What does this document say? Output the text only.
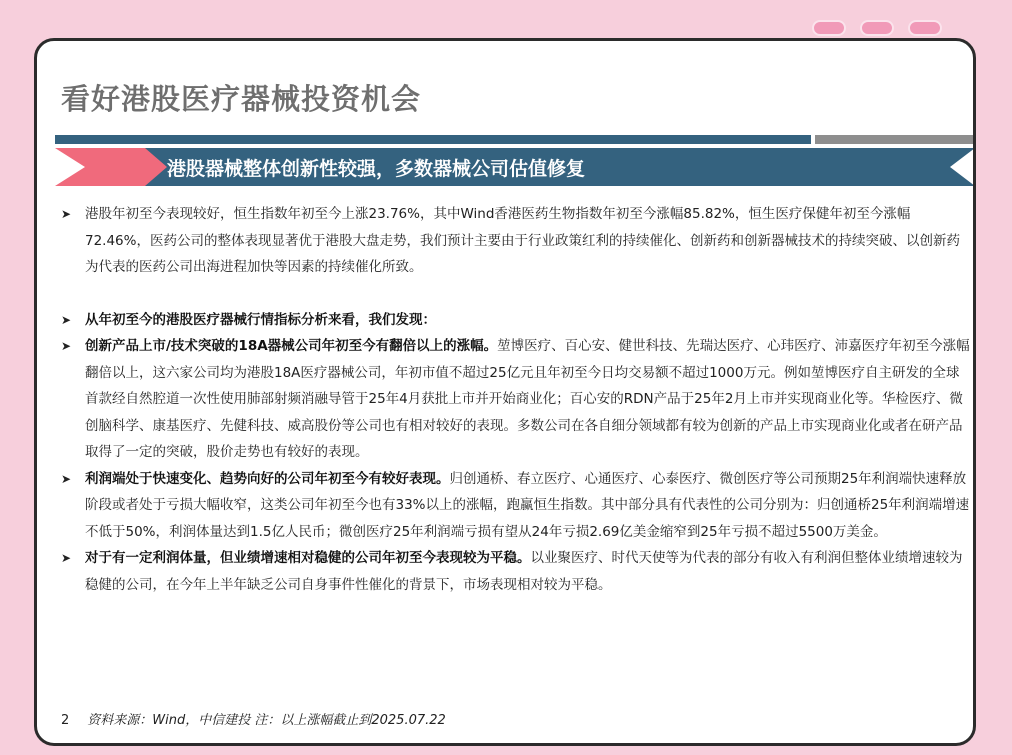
看好港股医疗器械投资机会
港股器械整体创新性较强，多数器械公司估值修复
➤	港股年初至今表现较好，恒生指数年初至今上涨23.76%，其中Wind香港医药生物指数年初至今涨幅85.82%，恒生医疗保健年初至今涨幅72.46%，医药公司的整体表现显著优于港股大盘走势，我们预计主要由于行业政策红利的持续催化、创新药和创新器械技术的持续突破、以创新药为代表的医药公司出海进程加快等因素的持续催化所致。
➤	从年初至今的港股医疗器械行情指标分析来看，我们发现：
➤	创新产品上市/技术突破的18A器械公司年初至今有翻倍以上的涨幅。堃博医疗、百心安、健世科技、先瑞达医疗、心玮医疗、沛嘉医疗年初至今涨幅翻倍以上，这六家公司均为港股18A医疗器械公司，年初市值不超过25亿元且年初至今日均交易额不超过1000万元。例如堃博医疗自主研发的全球首款经自然腔道一次性使用肺部射频消融导管于25年4月获批上市并开始商业化；百心安的RDN产品于25年2月上市并实现商业化等。华检医疗、微创脑科学、康基医疗、先健科技、威高股份等公司也有相对较好的表现。多数公司在各自细分领域都有较为创新的产品上市实现商业化或者在研产品取得了一定的突破，股价走势也有较好的表现。
➤	利润端处于快速变化、趋势向好的公司年初至今有较好表现。归创通桥、春立医疗、心通医疗、心泰医疗、微创医疗等公司预期25年利润端快速释放阶段或者处于亏损大幅收窄，这类公司年初至今也有33%以上的涨幅，跑赢恒生指数。其中部分具有代表性的公司分别为：归创通桥25年利润端增速不低于50%，利润体量达到1.5亿人民币；微创医疗25年利润端亏损有望从24年亏损2.69亿美金缩窄到25年亏损不超过5500万美金。
➤	对于有一定利润体量，但业绩增速相对稳健的公司年初至今表现较为平稳。以业聚医疗、时代天使等为代表的部分有收入有利润但整体业绩增速较为稳健的公司，在今年上半年缺乏公司自身事件性催化的背景下，市场表现相对较为平稳。
2 资料来源：Wind，中信建投 注：以上涨幅截止到2025.07.22
